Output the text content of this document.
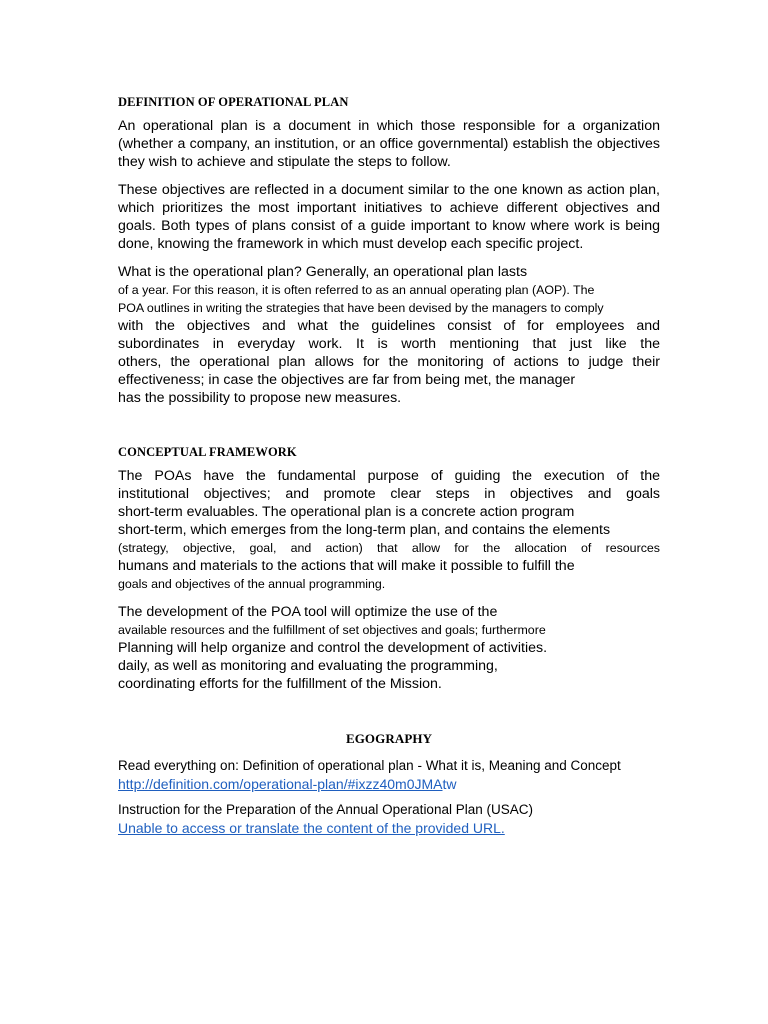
DEFINITION OF OPERATIONAL PLAN

An operational plan is a document in which those responsible for a organization (whether a company, an institution, or an office governmental) establish the objectives they wish to achieve and stipulate the steps to follow.

These objectives are reflected in a document similar to the one known as action plan, which prioritizes the most important initiatives to achieve different objectives and goals. Both types of plans consist of a guide important to know where work is being done, knowing the framework in which must develop each specific project.

What is the operational plan? Generally, an operational plan lasts
of a year. For this reason, it is often referred to as an annual operating plan (AOP). The
POA outlines in writing the strategies that have been devised by the managers to comply
with the objectives and what the guidelines consist of for employees and
subordinates in everyday work. It is worth mentioning that just like the
others, the operational plan allows for the monitoring of actions to judge their
effectiveness; in case the objectives are far from being met, the manager
has the possibility to propose new measures.

CONCEPTUAL FRAMEWORK

The POAs have the fundamental purpose of guiding the execution of the
institutional objectives; and promote clear steps in objectives and goals
short-term evaluables. The operational plan is a concrete action program
short-term, which emerges from the long-term plan, and contains the elements
(strategy, objective, goal, and action) that allow for the allocation of resources
humans and materials to the actions that will make it possible to fulfill the
goals and objectives of the annual programming.
The development of the POA tool will optimize the use of the
available resources and the fulfillment of set objectives and goals; furthermore
Planning will help organize and control the development of activities.
daily, as well as monitoring and evaluating the programming,
coordinating efforts for the fulfillment of the Mission.

EGOGRAPHY

Read everything on: Definition of operational plan - What it is, Meaning and Concept

http://definition.com/operational-plan/#ixzz40m0JMAtw

Instruction for the Preparation of the Annual Operational Plan (USAC)

Unable to access or translate the content of the provided URL.
